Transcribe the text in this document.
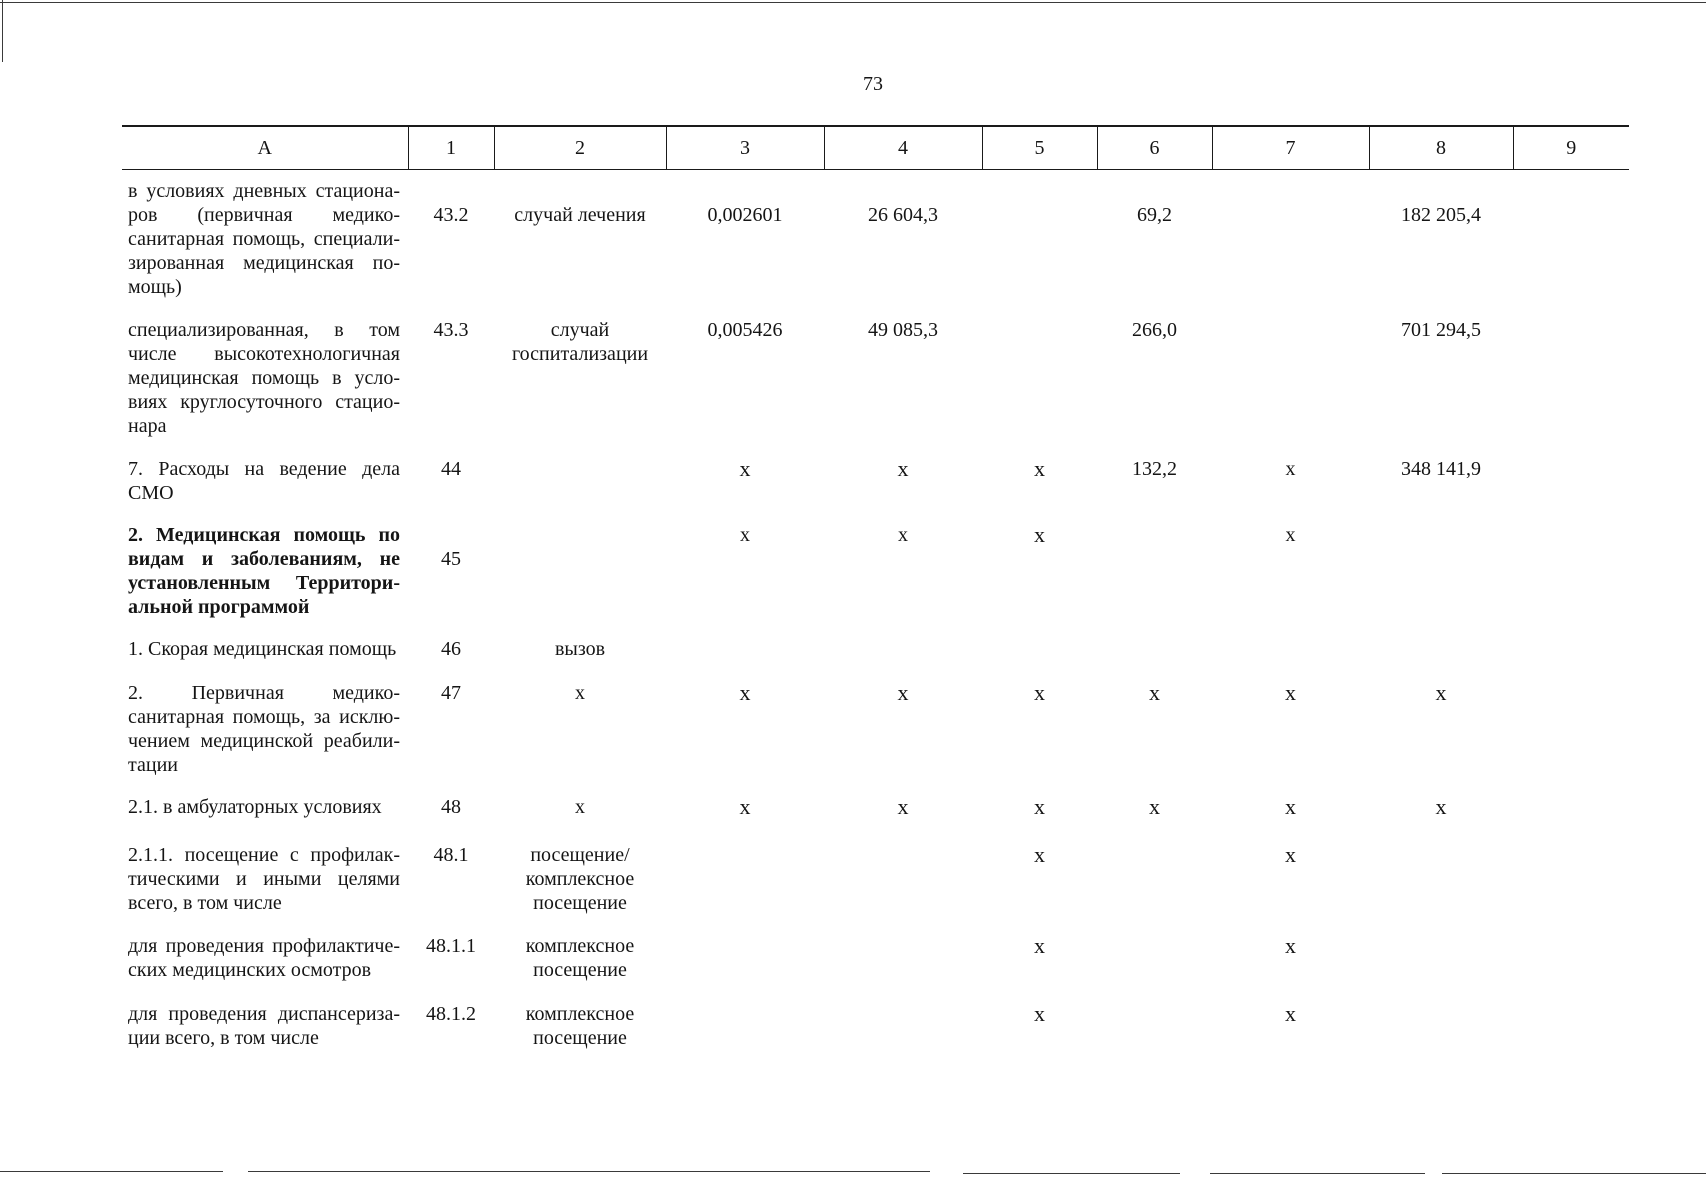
73
А	1	2	3	4	5	6	7	8	9

в условиях дневных стациона-
ров (первичная медико-
санитарная помощь, специали-
зированная медицинская по-
мощь)	43.2	случай лечения	0,002601	26 604,3		69,2		182 205,4	

специализированная, в том
числе высокотехнологичная
медицинская помощь в усло-
виях круглосуточного стацио-
нара	43.3	случай
госпитализации	0,005426	49 085,3		266,0		701 294,5	

7. Расходы на ведение дела
СМО	44		х	х	х	132,2	х	348 141,9	

2. Медицинская помощь по
видам и заболеваниям, не
установленным Территори-
альной программой	45		х	х	х		х		

1. Скорая медицинская помощь	46	вызов							

2. Первичная медико-
санитарная помощь, за исклю-
чением медицинской реабили-
тации	47	х	х	х	х	х	х	х	

2.1. в амбулаторных условиях	48	х	х	х	х	х	х	х	

2.1.1. посещение с профилак-
тическими и иными целями
всего, в том числе	48.1	посещение/
комплексное
посещение			х		х		

для проведения профилактиче-
ских медицинских осмотров	48.1.1	комплексное
посещение			х		х		

для проведения диспансериза-
ции всего, в том числе	48.1.2	комплексное
посещение			х		х		
